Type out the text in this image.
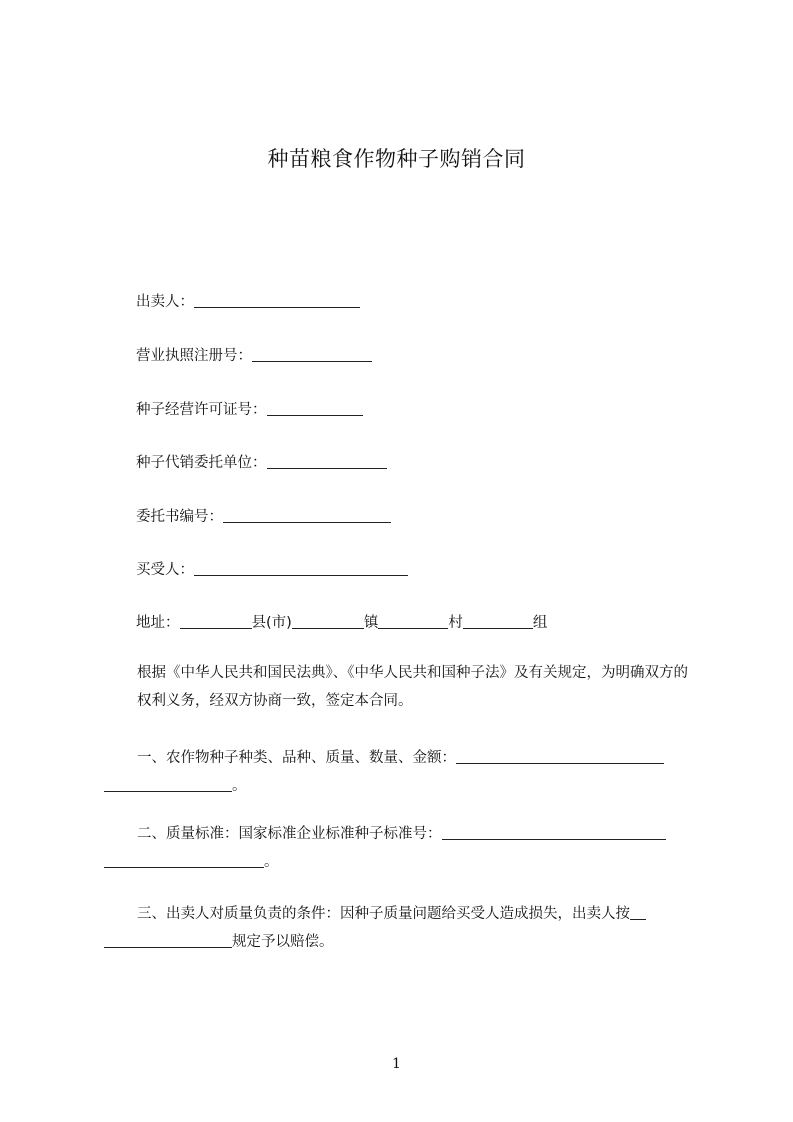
种苗粮食作物种子购销合同
出卖人：
营业执照注册号：
种子经营许可证号：
种子代销委托单位：
委托书编号：
买受人：
地址：	县(市)	镇	村	组

根据《中华人民共和国民法典》、《中华人民共和国种子法》及有关规定，为明确双方的权利义务，经双方协商一致，签定本合同。

一、农作物种子种类、品种、质量、数量、金额：

。

二、质量标准：国家标准企业标准种子标准号：

。

三、出卖人对质量负责的条件：因种子质量问题给买受人造成损失，出卖人按

规定予以赔偿。

1
